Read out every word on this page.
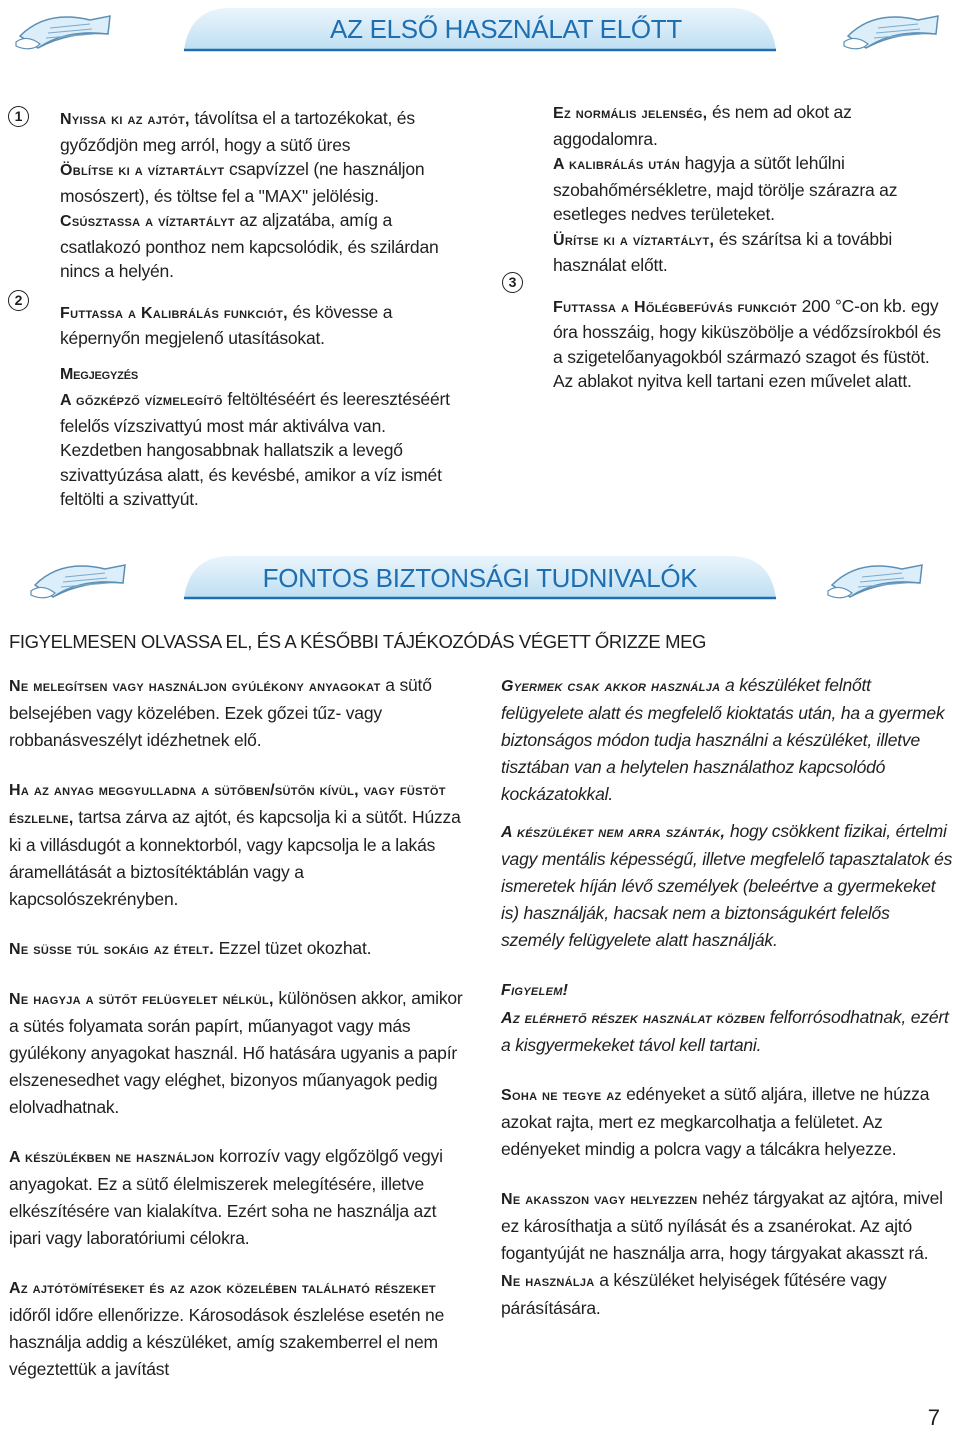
AZ ELSŐ HASZNÁLAT ELŐTT
1
2
3

Nyissa ki az ajtót, távolítsa el a tartozékokat, és győződjön meg arról, hogy a sütő üres

Öblítse ki a víztartályt csapvízzel (ne használjon mosószert), és töltse fel a "MAX" jelölésig.

Csúsztassa a víztartályt az aljzatába, amíg a csatlakozó ponthoz nem kapcsolódik, és szilárdan nincs a helyén.

Futtassa a Kalibrálás funkciót, és kövesse a képernyőn megjelenő utasításokat.

Megjegyzés

A gőzképző vízmelegítő feltöltéséért és leeresztéséért felelős vízszivattyú most már aktiválva van. Kezdetben hangosabbnak hallatszik a levegő szivattyúzása alatt, és kevésbé, amikor a víz ismét feltölti a szivattyút.

Ez normális jelenség, és nem ad okot az aggodalomra.

A kalibrálás után hagyja a sütőt lehűlni szobahőmérsékletre, majd törölje szárazra az esetleges nedves területeket.

Ürítse ki a víztartályt, és szárítsa ki a további használat előtt.

Futtassa a Hőlégbefúvás funkciót 200 °C-on kb. egy óra hosszáig, hogy kiküszöbölje a védőzsírokból és a szigetelőanyagokból származó szagot és füstöt. Az ablakot nyitva kell tartani ezen művelet alatt.

FONTOS BIZTONSÁGI TUDNIVALÓK
FIGYELMESEN OLVASSA EL, ÉS A KÉSŐBBI TÁJÉKOZÓDÁS VÉGETT ŐRIZZE MEG

Ne melegítsen vagy használjon gyúlékony anyagokat a sütő belsejében vagy közelében. Ezek gőzei tűz- vagy robbanásveszélyt idézhetnek elő.

Ha az anyag meggyulladna a sütőben/sütőn kívül, vagy füstöt észlelne, tartsa zárva az ajtót, és kapcsolja ki a sütőt. Húzza ki a villásdugót a konnektorból, vagy kapcsolja le a lakás áramellátását a biztosítéktáblán vagy a kapcsolószekrényben.

Ne süsse túl sokáig az ételt. Ezzel tüzet okozhat.

Ne hagyja a sütőt felügyelet nélkül, különösen akkor, amikor a sütés folyamata során papírt, műanyagot vagy más gyúlékony anyagokat használ. Hő hatására ugyanis a papír elszenesedhet vagy eléghet, bizonyos műanyagok pedig elolvadhatnak.

A készülékben ne használjon korrozív vagy elgőzölgő vegyi anyagokat. Ez a sütő élelmiszerek melegítésére, illetve elkészítésére van kialakítva. Ezért soha ne használja azt ipari vagy laboratóriumi célokra.

Az ajtótömítéseket és az azok közelében található részeket időről időre ellenőrizze. Károsodások észlelése esetén ne használja addig a készüléket, amíg szakemberrel el nem végeztettük a javítást

Gyermek csak akkor használja a készüléket felnőtt felügyelete alatt és megfelelő kioktatás után, ha a gyermek biztonságos módon tudja használni a készüléket, illetve tisztában van a helytelen használathoz kapcsolódó kockázatokkal.

A készüléket nem arra szánták, hogy csökkent fizikai, értelmi vagy mentális képességű, illetve megfelelő tapasztalatok és ismeretek híján lévő személyek (beleértve a gyermekeket is) használják, hacsak nem a biztonságukért felelős személy felügyelete alatt használják.

Figyelem!

Az elérhető részek használat közben felforrósodhatnak, ezért a kisgyermekeket távol kell tartani.

Soha ne tegye az edényeket a sütő aljára, illetve ne húzza azokat rajta, mert ez megkarcolhatja a felületet. Az edényeket mindig a polcra vagy a tálcákra helyezze.

Ne akasszon vagy helyezzen nehéz tárgyakat az ajtóra, mivel ez károsíthatja a sütő nyílását és a zsanérokat. Az ajtó fogantyúját ne használja arra, hogy tárgyakat akasszt rá.

Ne használja a készüléket helyiségek fűtésére vagy párásítására.

7
